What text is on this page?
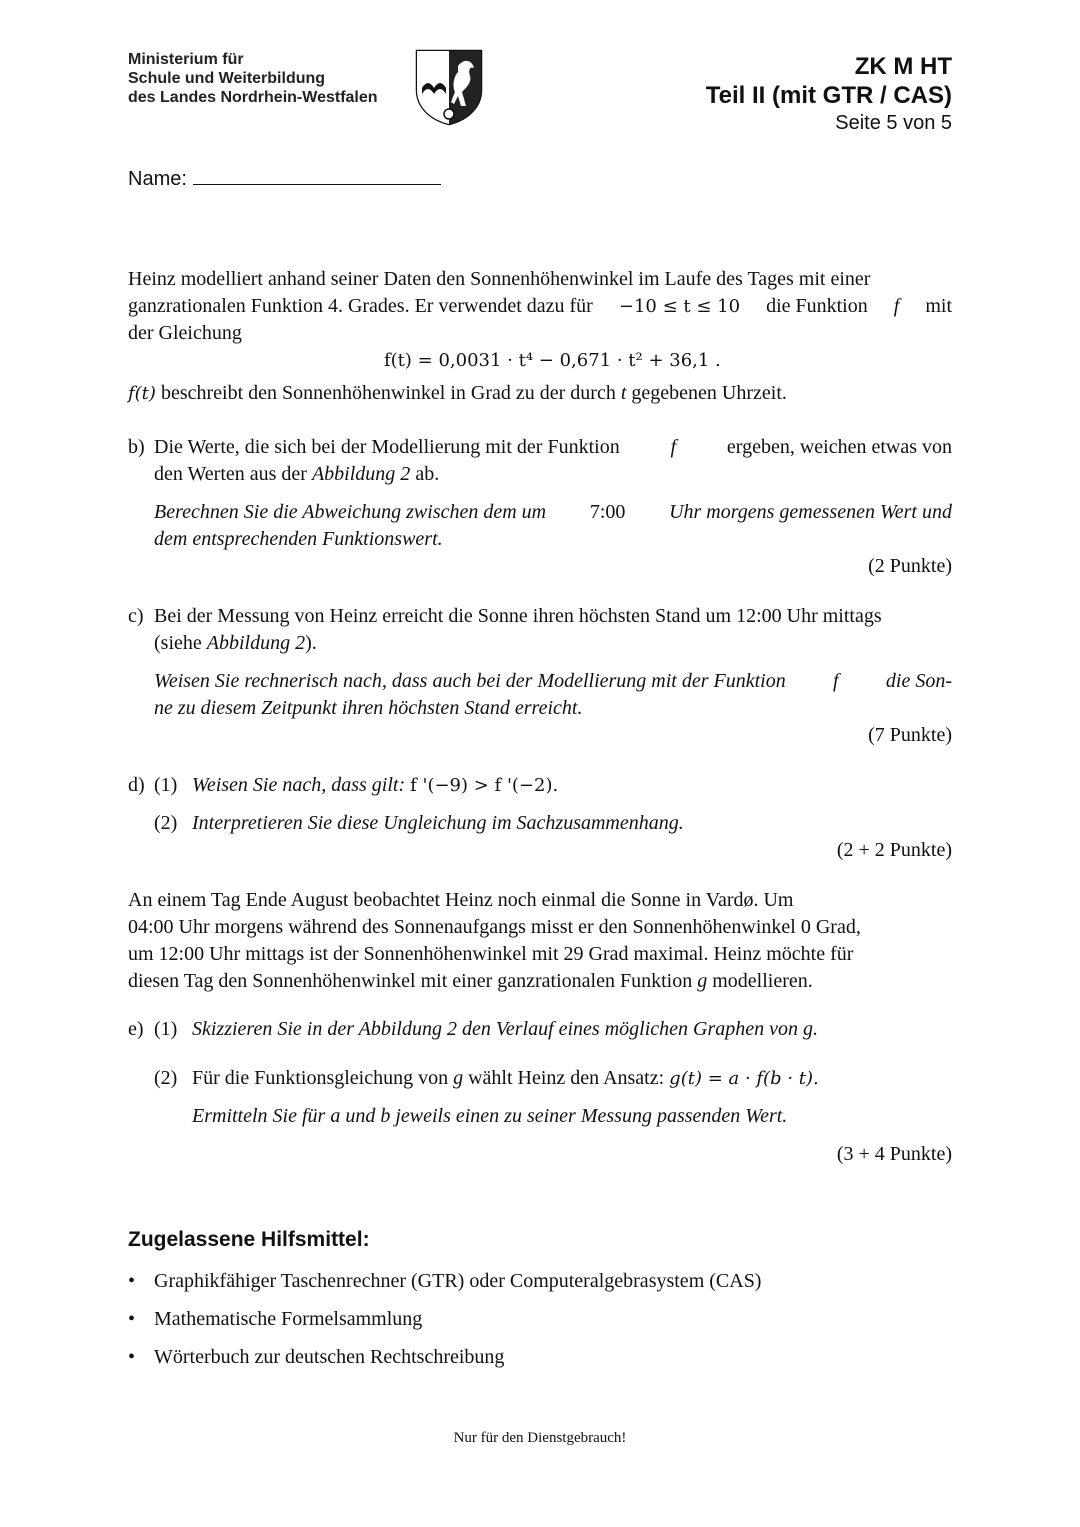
Ministerium für
Schule und Weiterbildung
des Landes Nordrhein-Westfalen
ZK M HT
Teil II (mit GTR / CAS)
Seite 5 von 5
Name:
Heinz modelliert anhand seiner Daten den Sonnenhöhenwinkel im Laufe des Tages mit einer
ganzrationalen Funktion 4. Grades. Er verwendet dazu für −10 ≤ t ≤ 10 die Funktion f mit
der Gleichung
f(t) = 0,0031 · t⁴ − 0,671 · t² + 36,1 .
f(t) beschreibt den Sonnenhöhenwinkel in Grad zu der durch t gegebenen Uhrzeit.
b) Die Werte, die sich bei der Modellierung mit der Funktion	f	ergeben, weichen etwas von
den Werten aus der Abbildung 2 ab.
Berechnen Sie die Abweichung zwischen dem um 7:00 Uhr morgens gemessenen Wert und
dem entsprechenden Funktionswert.
(2 Punkte)
c) Bei der Messung von Heinz erreicht die Sonne ihren höchsten Stand um 12:00 Uhr mittags
(siehe Abbildung 2).
Weisen Sie rechnerisch nach, dass auch bei der Modellierung mit der Funktion f die Son-
ne zu diesem Zeitpunkt ihren höchsten Stand erreicht.
(7 Punkte)
d) (1) Weisen Sie nach, dass gilt: f '(−9) > f '(−2).
(2) Interpretieren Sie diese Ungleichung im Sachzusammenhang.
(2 + 2 Punkte)
An einem Tag Ende August beobachtet Heinz noch einmal die Sonne in Vardø. Um
04:00 Uhr morgens während des Sonnenaufgangs misst er den Sonnenhöhenwinkel 0 Grad,
um 12:00 Uhr mittags ist der Sonnenhöhenwinkel mit 29 Grad maximal. Heinz möchte für
diesen Tag den Sonnenhöhenwinkel mit einer ganzrationalen Funktion g modellieren.
e) (1) Skizzieren Sie in der Abbildung 2 den Verlauf eines möglichen Graphen von g.
(2) Für die Funktionsgleichung von g wählt Heinz den Ansatz: g(t) = a · f(b · t).
Ermitteln Sie für a und b jeweils einen zu seiner Messung passenden Wert.
(3 + 4 Punkte)
Zugelassene Hilfsmittel:
• Graphikfähiger Taschenrechner (GTR) oder Computeralgebrasystem (CAS)
• Mathematische Formelsammlung
• Wörterbuch zur deutschen Rechtschreibung
Nur für den Dienstgebrauch!
